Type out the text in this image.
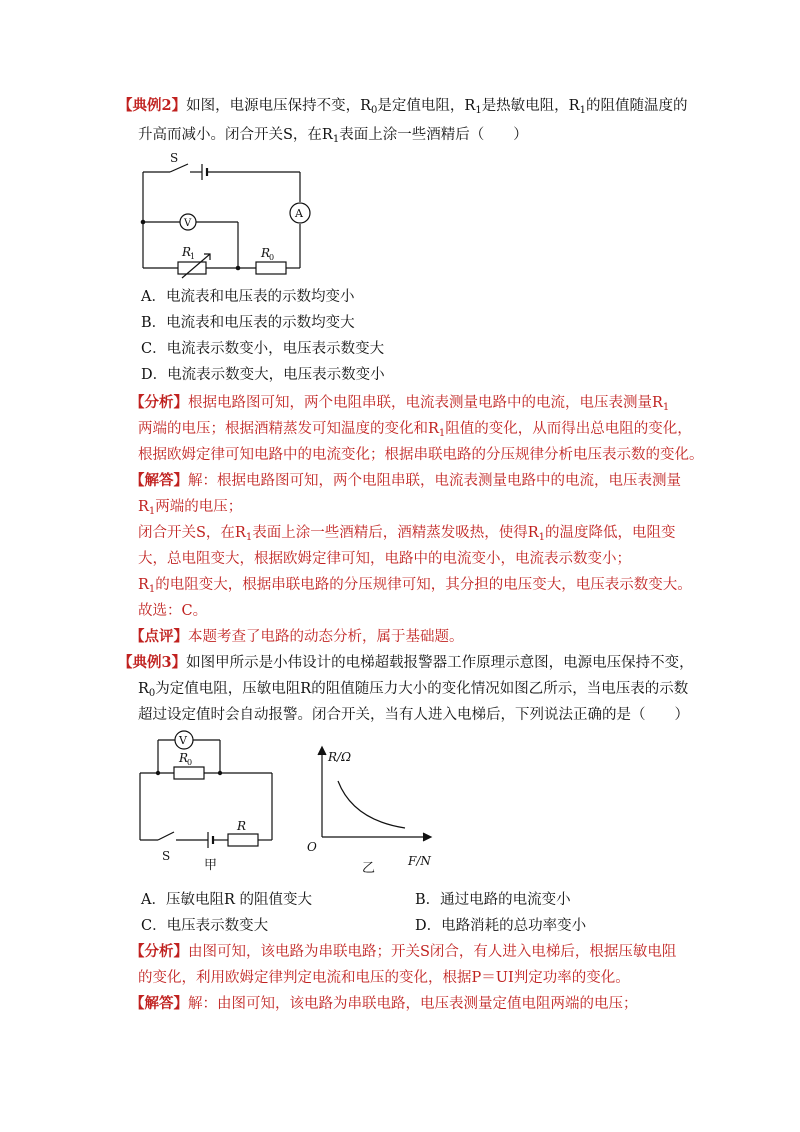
【典例2】如图，电源电压保持不变，$R_0$是定值电阻，$R_1$是热敏电阻，$R_1$的阻值随温度的
升高而减小。闭合开关S，在$R_1$表面上涂一些酒精后（　　）
S
V
A
R
1	R
0
A．电流表和电压表的示数均变小
B．电流表和电压表的示数均变大
C．电流表示数变小，电压表示数变大
D．电流表示数变大，电压表示数变小
【分析】根据电路图可知，两个电阻串联，电流表测量电路中的电流，电压表测量$R_1$
两端的电压；根据酒精蒸发可知温度的变化和$R_1$阻值的变化，从而得出总电阻的变化，
根据欧姆定律可知电路中的电流变化；根据串联电路的分压规律分析电压表示数的变化。
【解答】解：根据电路图可知，两个电阻串联，电流表测量电路中的电流，电压表测量
$R_1$两端的电压；
闭合开关S，在$R_1$表面上涂一些酒精后，酒精蒸发吸热，使得$R_1$的温度降低，电阻变
大，总电阻变大，根据欧姆定律可知，电路中的电流变小，电流表示数变小；
$R_1$的电阻变大，根据串联电路的分压规律可知，其分担的电压变大，电压表示数变大。
故选：C。
【点评】本题考查了电路的动态分析，属于基础题。
【典例3】如图甲所示是小伟设计的电梯超载报警器工作原理示意图，电源电压保持不变，
$R_0$为定值电阻，压敏电阻R的阻值随压力大小的变化情况如图乙所示，当电压表的示数
超过设定值时会自动报警。闭合开关，当有人进入电梯后，下列说法正确的是（　　）
V
R
0
R
S
甲
R/Ω
O
F/N
乙
A．压敏电阻R 的阻值变大	B．通过电路的电流变小
C．电压表示数变大	D．电路消耗的总功率变小
【分析】由图可知，该电路为串联电路；开关S闭合，有人进入电梯后，根据压敏电阻
的变化，利用欧姆定律判定电流和电压的变化，根据P＝UI判定功率的变化。
【解答】解：由图可知，该电路为串联电路，电压表测量定值电阻两端的电压；
